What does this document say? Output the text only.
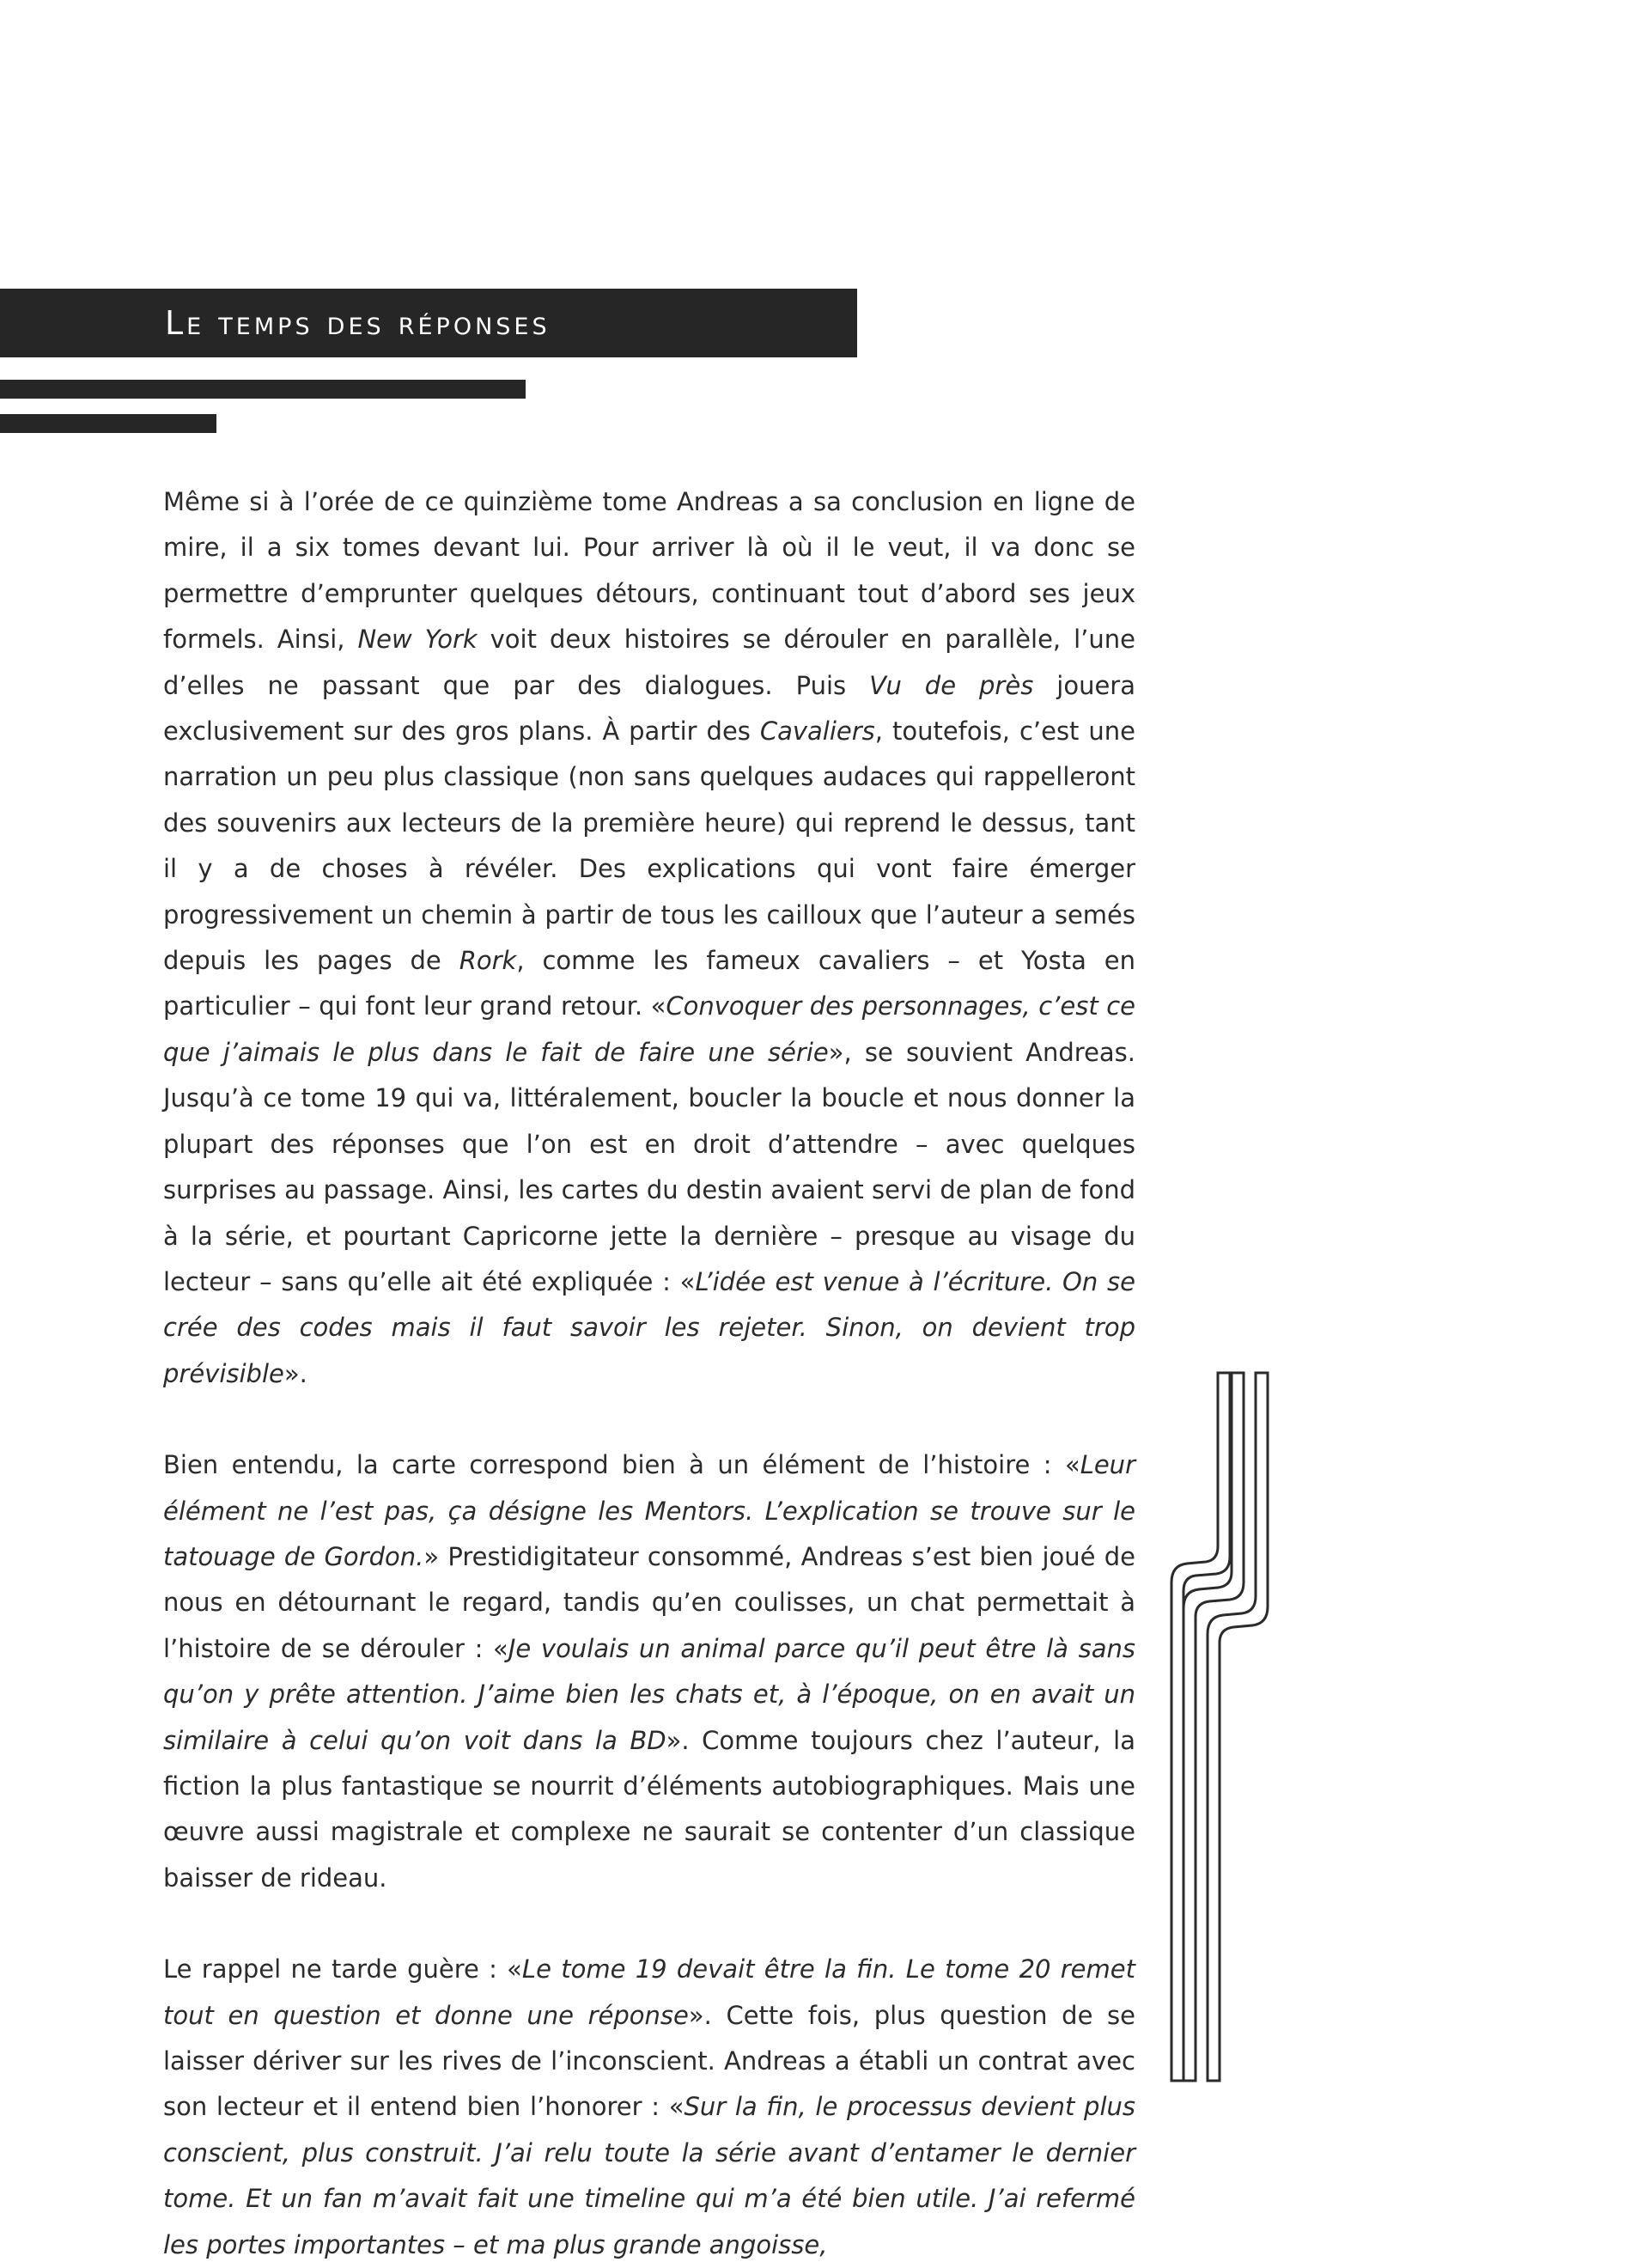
Le temps des réponses

Même si à l’orée de ce quinzième tome Andreas a sa conclusion en ligne de mire, il a six tomes devant lui. Pour arriver là où il le veut, il va donc se permettre d’emprunter quelques détours, continuant tout d’abord ses jeux formels. Ainsi, New York voit deux histoires se dérouler en parallèle, l’une d’elles ne passant que par des dialogues. Puis Vu de près jouera exclusivement sur des gros plans. À partir des Cavaliers, toutefois, c’est une narration un peu plus classique (non sans quelques audaces qui rappelleront des souvenirs aux lecteurs de la première heure) qui reprend le dessus, tant il y a de choses à révéler. Des explications qui vont faire émerger progressivement un chemin à partir de tous les cailloux que l’auteur a semés depuis les pages de Rork, comme les fameux cavaliers – et Yosta en particulier – qui font leur grand retour. «Convoquer des personnages, c’est ce que j’aimais le plus dans le fait de faire une série», se souvient Andreas. Jusqu’à ce tome 19 qui va, littéralement, boucler la boucle et nous donner la plupart des réponses que l’on est en droit d’attendre – avec quelques surprises au passage. Ainsi, les cartes du destin avaient servi de plan de fond à la série, et pourtant Capricorne jette la dernière – presque au visage du lecteur – sans qu’elle ait été expliquée : «L’idée est venue à l’écriture. On se crée des codes mais il faut savoir les rejeter. Sinon, on devient trop prévisible».

Bien entendu, la carte correspond bien à un élément de l’histoire : «Leur élément ne l’est pas, ça désigne les Mentors. L’explication se trouve sur le tatouage de Gordon.» Prestidigitateur consommé, Andreas s’est bien joué de nous en détournant le regard, tandis qu’en coulisses, un chat permettait à l’histoire de se dérouler : «Je voulais un animal parce qu’il peut être là sans qu’on y prête attention. J’aime bien les chats et, à l’époque, on en avait un similaire à celui qu’on voit dans la BD». Comme toujours chez l’auteur, la fiction la plus fantastique se nourrit d’éléments autobiographiques. Mais une œuvre aussi magistrale et complexe ne saurait se contenter d’un classique baisser de rideau.

Le rappel ne tarde guère : «Le tome 19 devait être la fin. Le tome 20 remet tout en question et donne une réponse». Cette fois, plus question de se laisser dériver sur les rives de l’inconscient. Andreas a établi un contrat avec son lecteur et il entend bien l’honorer : «Sur la fin, le processus devient plus conscient, plus construit. J’ai relu toute la série avant d’entamer le dernier tome. Et un fan m’avait fait une timeline qui m’a été bien utile. J’ai refermé les portes importantes – et ma plus grande angoisse,
